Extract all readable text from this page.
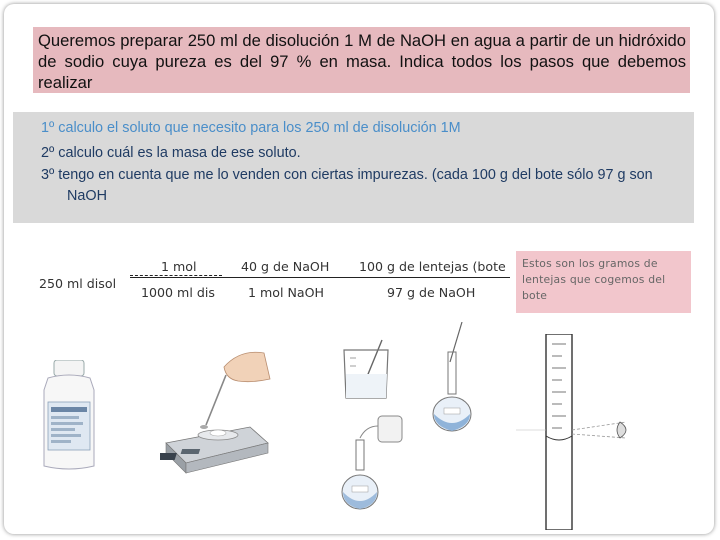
Queremos preparar 250 ml de disolución 1 M de NaOH en agua a partir de un hidróxido de sodio cuya pureza es del 97 % en masa. Indica todos los pasos que debemos realizar

1º calculo el soluto que necesito para los 250 ml de disolución 1M

2º calculo cuál es la masa de ese soluto.

3º tengo en cuenta que me lo venden con ciertas impurezas. (cada 100 g del bote sólo 97 g son NaOH

250 ml disol
1 mol
1000 ml dis
40 g de NaOH
1 mol NaOH
100 g de lentejas (bote
97 g de NaOH
Estos son los gramos de lentejas que cogemos del bote
